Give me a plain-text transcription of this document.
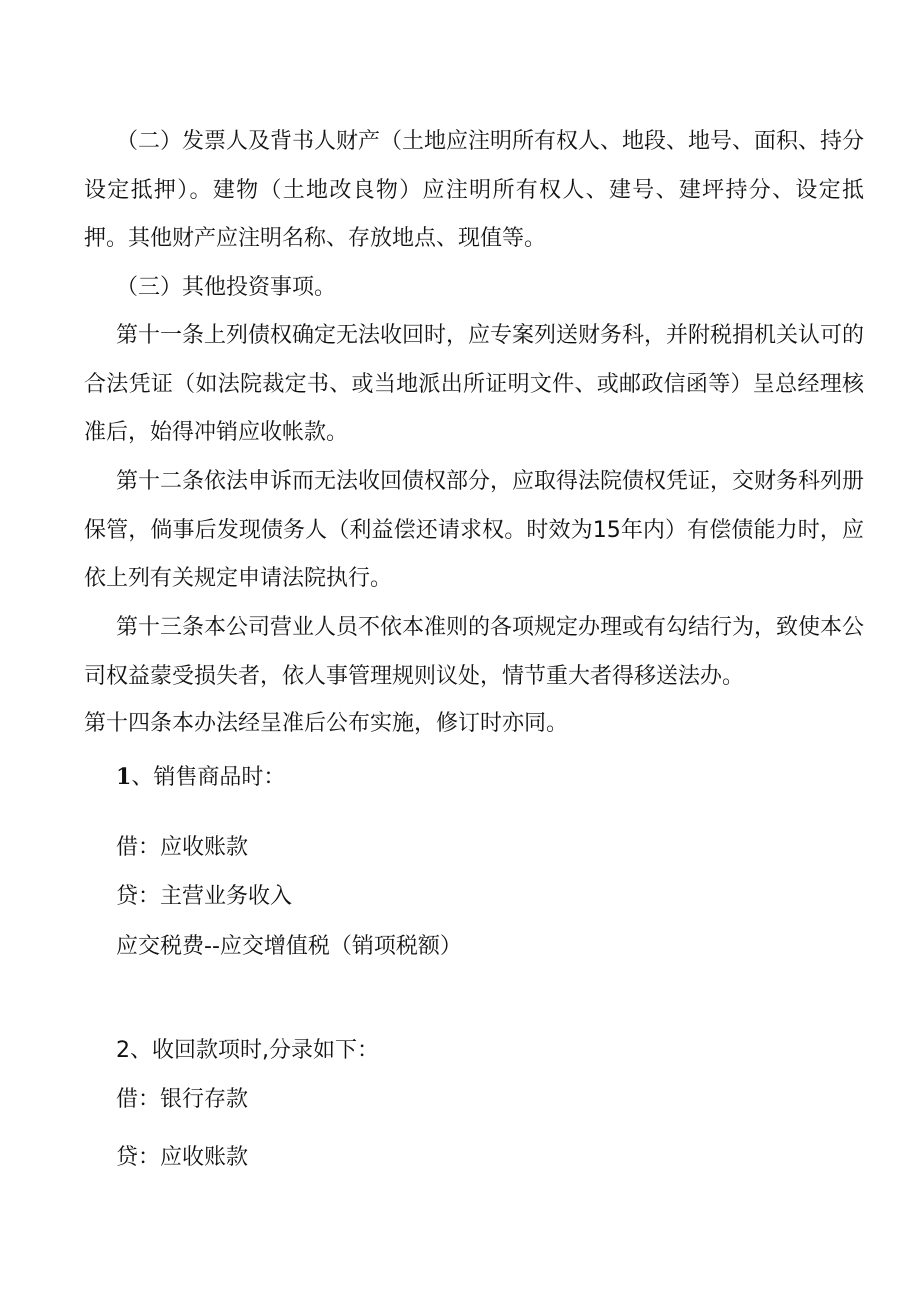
（二）发票人及背书人财产（土地应注明所有权人、地段、地号、面积、持分设定抵押）。建物（土地改良物）应注明所有权人、建号、建坪持分、设定抵押。其他财产应注明名称、存放地点、现值等。

（三）其他投资事项。

第十一条上列债权确定无法收回时，应专案列送财务科，并附税捐机关认可的合法凭证（如法院裁定书、或当地派出所证明文件、或邮政信函等）呈总经理核准后，始得冲销应收帐款。

第十二条依法申诉而无法收回债权部分，应取得法院债权凭证，交财务科列册保管，倘事后发现债务人（利益偿还请求权。时效为15年内）有偿债能力时，应依上列有关规定申请法院执行。

第十三条本公司营业人员不依本准则的各项规定办理或有勾结行为，致使本公司权益蒙受损失者，依人事管理规则议处，情节重大者得移送法办。

第十四条本办法经呈准后公布实施，修订时亦同。

1、销售商品时：

借：应收账款

贷：主营业务收入

应交税费--应交增值税（销项税额）

2、收回款项时,分录如下：

借：银行存款

贷：应收账款
